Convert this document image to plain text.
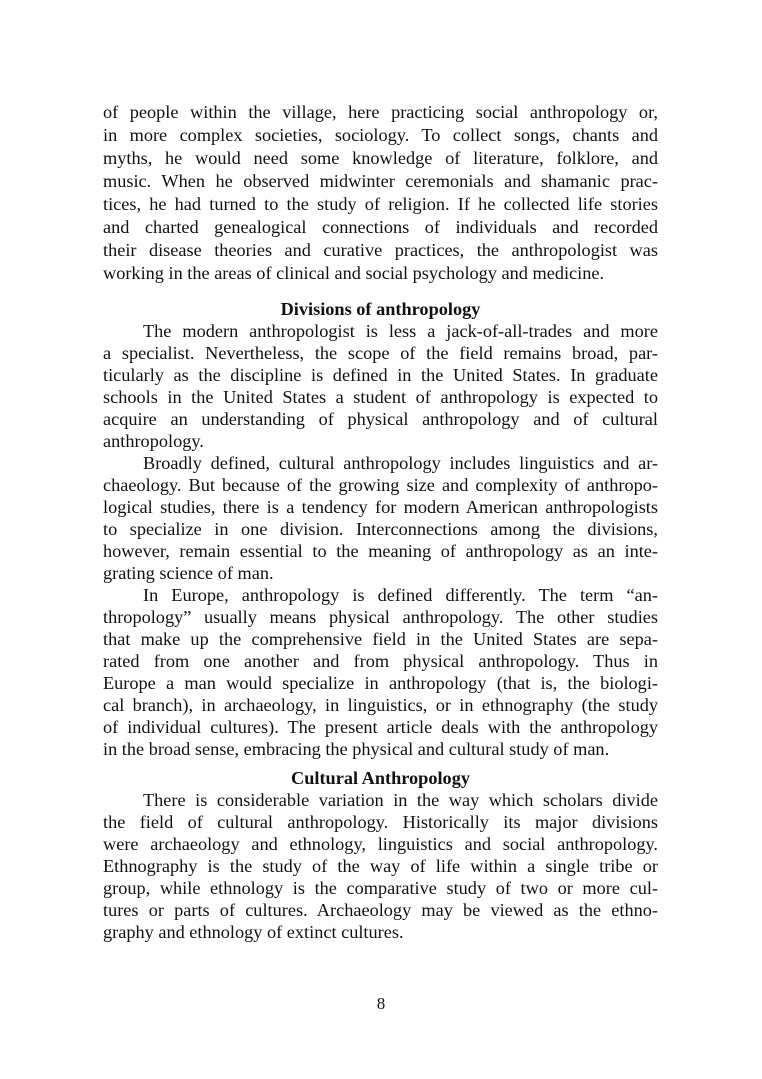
of people within the village, here practicing social anthropology or,
in more complex societies, sociology. To collect songs, chants and
myths, he would need some knowledge of literature, folklore, and
music. When he observed midwinter ceremonials and shamanic prac-
tices, he had turned to the study of religion. If he collected life stories
and charted genealogical connections of individuals and recorded
their disease theories and curative practices, the anthropologist was
working in the areas of clinical and social psychology and medicine.
Divisions of anthropology
The modern anthropologist is less a jack-of-all-trades and more
a specialist. Nevertheless, the scope of the field remains broad, par-
ticularly as the discipline is defined in the United States. In graduate
schools in the United States a student of anthropology is expected to
acquire an understanding of physical anthropology and of cultural
anthropology.
Broadly defined, cultural anthropology includes linguistics and ar-
chaeology. But because of the growing size and complexity of anthropo-
logical studies, there is a tendency for modern American anthropologists
to specialize in one division. Interconnections among the divisions,
however, remain essential to the meaning of anthropology as an inte-
grating science of man.
In Europe, anthropology is defined differently. The term “an-
thropology” usually means physical anthropology. The other studies
that make up the comprehensive field in the United States are sepa-
rated from one another and from physical anthropology. Thus in
Europe a man would specialize in anthropology (that is, the biologi-
cal branch), in archaeology, in linguistics, or in ethnography (the study
of individual cultures). The present article deals with the anthropology
in the broad sense, embracing the physical and cultural study of man.
Cultural Anthropology
There is considerable variation in the way which scholars divide
the field of cultural anthropology. Historically its major divisions
were archaeology and ethnology, linguistics and social anthropology.
Ethnography is the study of the way of life within a single tribe or
group, while ethnology is the comparative study of two or more cul-
tures or parts of cultures. Archaeology may be viewed as the ethno-
graphy and ethnology of extinct cultures.
8
